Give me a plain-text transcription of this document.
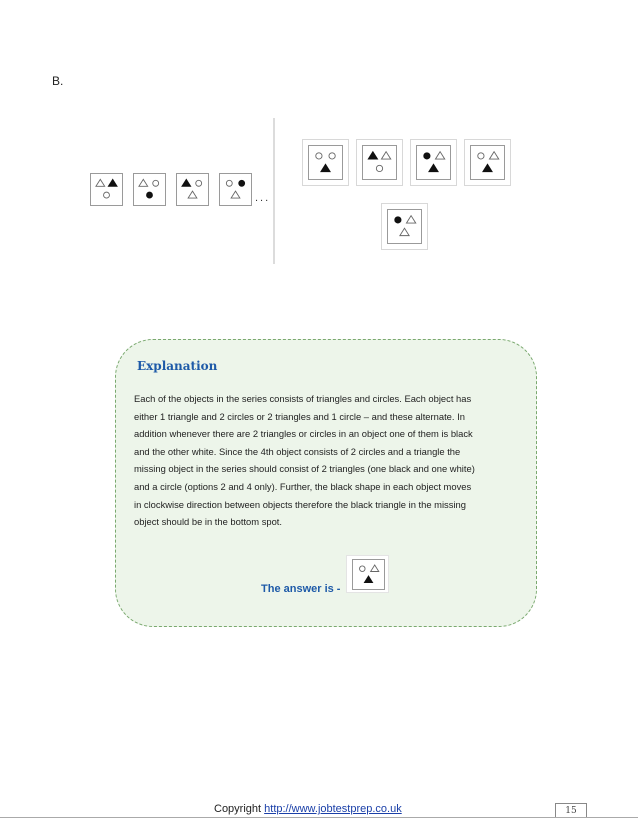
B.
...
Explanation
Each of the objects in the series consists of triangles and circles. Each object has
either 1 triangle and 2 circles or 2 triangles and 1 circle – and these alternate. In
addition whenever there are 2 triangles or circles in an object one of them is black
and the other white. Since the 4th object consists of 2 circles and a triangle the
missing object in the series should consist of 2 triangles (one black and one white)
and a circle (options 2 and 4 only). Further, the black shape in each object moves
in clockwise direction between objects therefore the black triangle in the missing
object should be in the bottom spot.
The answer is -
Copyright http://www.jobtestprep.co.uk	15
